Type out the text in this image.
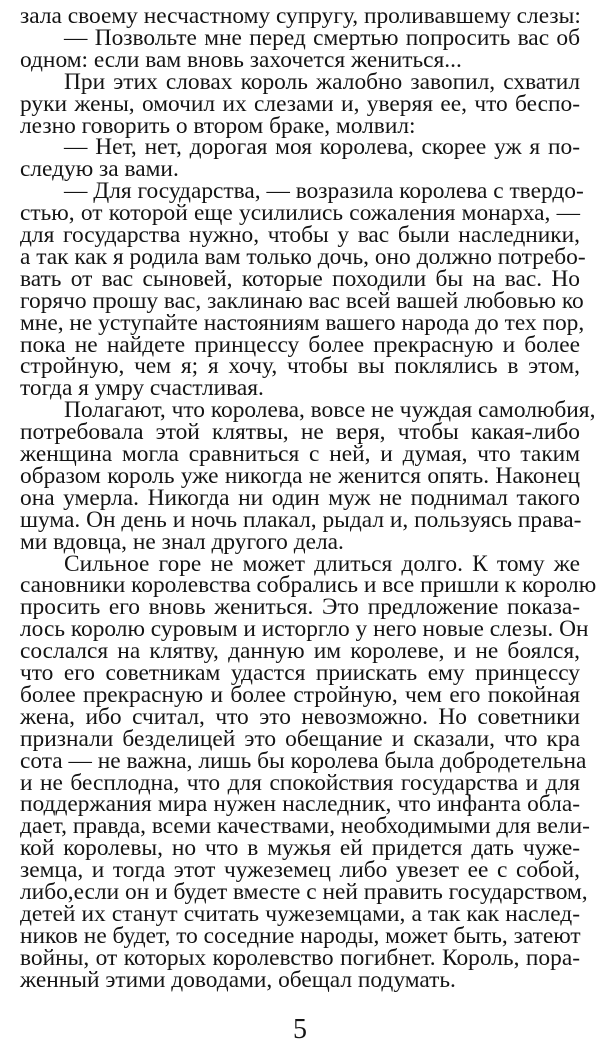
зала своему несчастному супругу, проливавшему слезы:
— Позвольте мне перед смертью попросить вас об
одном: если вам вновь захочется жениться...
При этих словах король жалобно завопил, схватил
руки жены, омочил их слезами и, уверяя ее, что беспо-
лезно говорить о втором браке, молвил:
— Нет, нет, дорогая моя королева, скорее уж я по-
следую за вами.
— Для государства, — возразила королева с твердо-
стью, от которой еще усилились сожаления монарха, —
для государства нужно, чтобы у вас были наследники,
а так как я родила вам только дочь, оно должно потребо-
вать от вас сыновей, которые походили бы на вас. Но
горячо прошу вас, заклинаю вас всей вашей любовью ко
мне, не уступайте настояниям вашего народа до тех пор,
пока не найдете принцессу более прекрасную и более
стройную, чем я; я хочу, чтобы вы поклялись в этом,
тогда я умру счастливая.
Полагают, что королева, вовсе не чуждая самолюбия,
потребовала этой клятвы, не веря, чтобы какая-либо
женщина могла сравниться с ней, и думая, что таким
образом король уже никогда не женится опять. Наконец
она умерла. Никогда ни один муж не поднимал такого
шума. Он день и ночь плакал, рыдал и, пользуясь права-
ми вдовца, не знал другого дела.
Сильное горе не может длиться долго. К тому же
сановники королевства собрались и все пришли к королю
просить его вновь жениться. Это предложение показа-
лось королю суровым и исторгло у него новые слезы. Он
сослался на клятву, данную им королеве, и не боялся,
что его советникам удастся приискать ему принцессу
более прекрасную и более стройную, чем его покойная
жена, ибо считал, что это невозможно. Но советники
признали безделицей это обещание и сказали, что кра
сота — не важна, лишь бы королева была добродетельна
и не бесплодна, что для спокойствия государства и для
поддержания мира нужен наследник, что инфанта обла-
дает, правда, всеми качествами, необходимыми для вели-
кой королевы, но что в мужья ей придется дать чуже-
земца, и тогда этот чужеземец либо увезет ее с собой,
либо,если он и будет вместе с ней править государством,
детей их станут считать чужеземцами, а так как наслед-
ников не будет, то соседние народы, может быть, затеют
войны, от которых королевство погибнет. Король, пора-
женный этими доводами, обещал подумать.
5
